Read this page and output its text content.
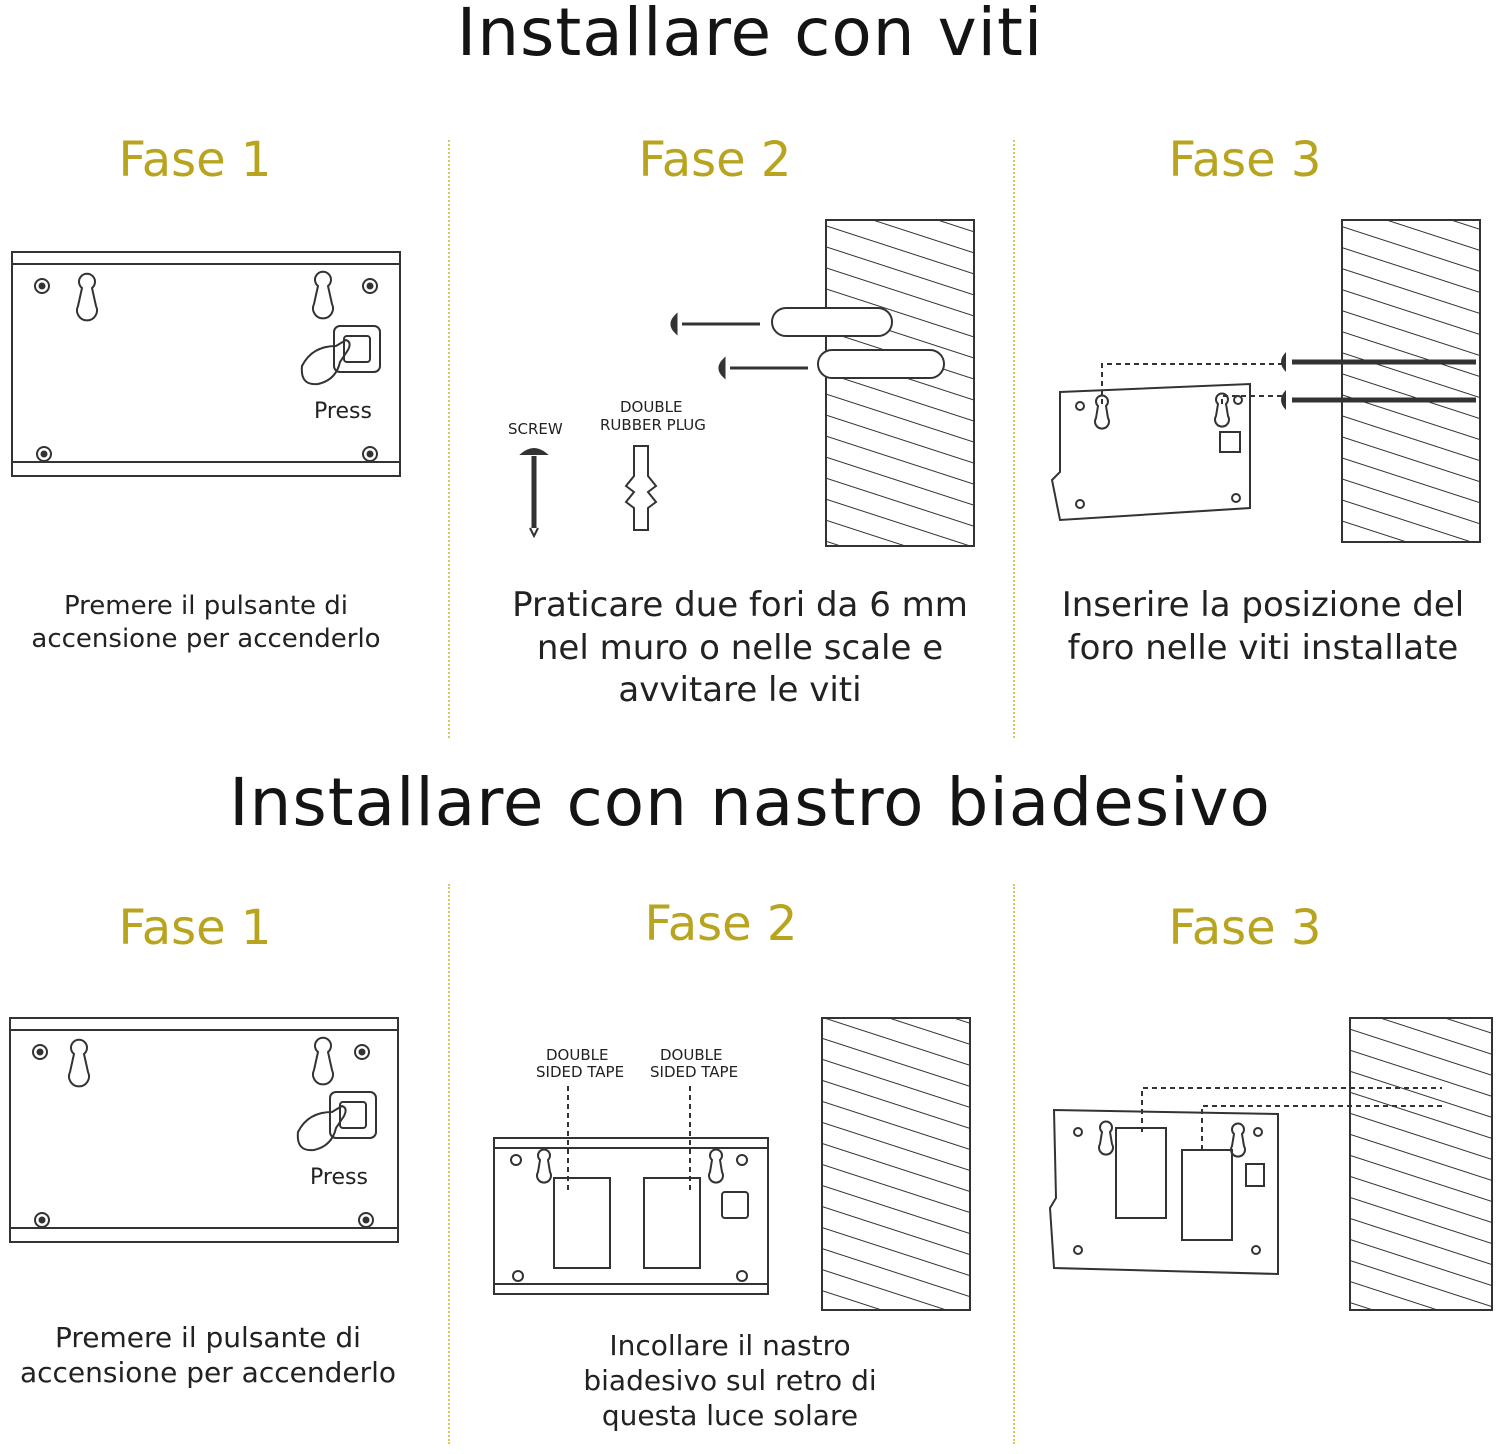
Installare con viti
Fase 1	Fase 2	Fase 3
Press
SCREW
DOUBLE
RUBBER PLUG
Premere il pulsante di accensione per accenderlo
Praticare due fori da 6 mm nel muro o nelle scale e avvitare le viti
Inserire la posizione del foro nelle viti installate
Installare con nastro biadesivo
Fase 1	Fase 2	Fase 3
Press
DOUBLE
SIDED TAPE
DOUBLE
SIDED TAPE
Premere il pulsante di accensione per accenderlo
Incollare il nastro biadesivo sul retro di questa luce solare
